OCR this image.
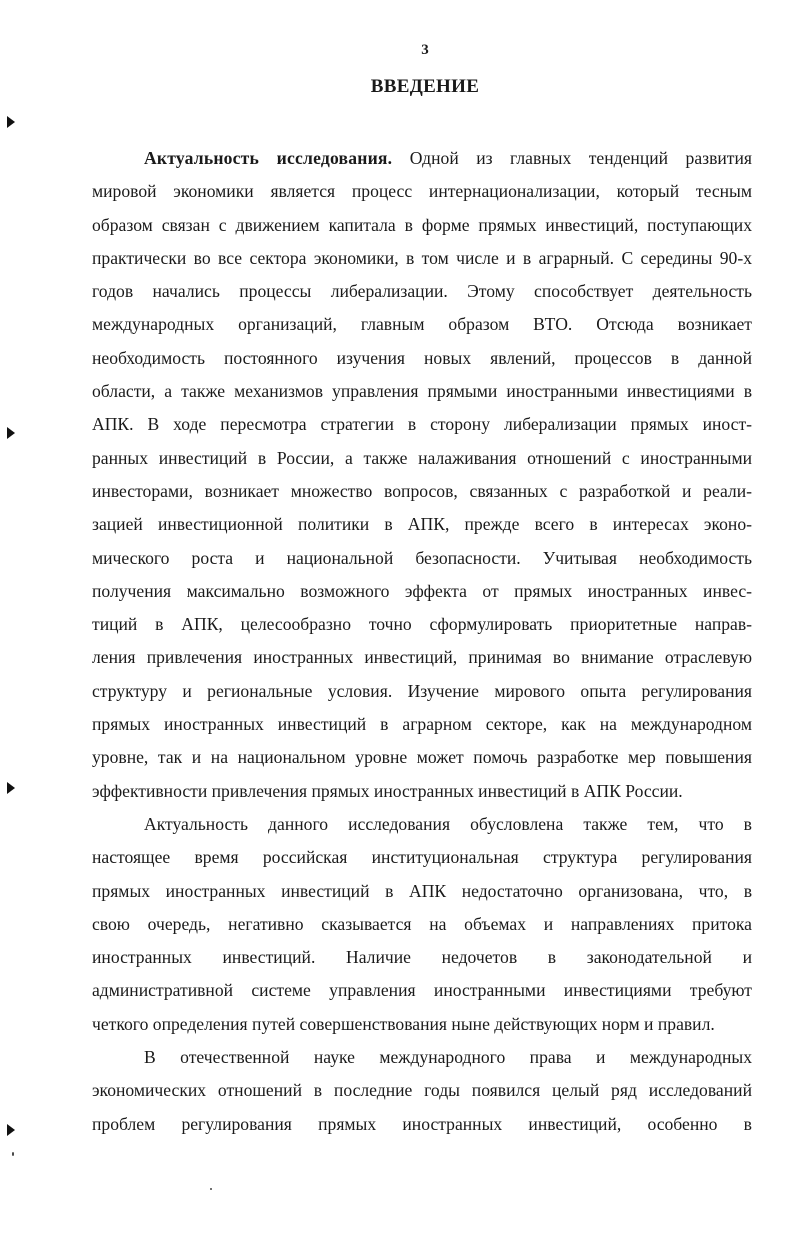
3
ВВЕДЕНИЕ
Актуальность исследования. Одной из главных тенденций развития
мировой экономики является процесс интернационализации, который тесным
образом связан с движением капитала в форме прямых инвестиций, поступающих
практически во все сектора экономики, в том числе и в аграрный. С середины 90-х
годов начались процессы либерализации. Этому способствует деятельность
международных организаций, главным образом ВТО. Отсюда возникает
необходимость постоянного изучения новых явлений, процессов в данной
области, а также механизмов управления прямыми иностранными инвестициями в
АПК. В ходе пересмотра стратегии в сторону либерализации прямых иност-
ранных инвестиций в России, а также налаживания отношений с иностранными
инвесторами, возникает множество вопросов, связанных с разработкой и реали-
зацией инвестиционной политики в АПК, прежде всего в интересах эконо-
мического роста и национальной безопасности. Учитывая необходимость
получения максимально возможного эффекта от прямых иностранных инвес-
тиций в АПК, целесообразно точно сформулировать приоритетные направ-
ления привлечения иностранных инвестиций, принимая во внимание отраслевую
структуру и региональные условия. Изучение мирового опыта регулирования
прямых иностранных инвестиций в аграрном секторе, как на международном
уровне, так и на национальном уровне может помочь разработке мер повышения
эффективности привлечения прямых иностранных инвестиций в АПК России.
Актуальность данного исследования обусловлена также тем, что в
настоящее время российская институциональная структура регулирования
прямых иностранных инвестиций в АПК недостаточно организована, что, в
свою очередь, негативно сказывается на объемах и направлениях притока
иностранных инвестиций. Наличие недочетов в законодательной и
административной системе управления иностранными инвестициями требуют
четкого определения путей совершенствования ныне действующих норм и правил.
В отечественной науке международного права и международных
экономических отношений в последние годы появился целый ряд исследований
проблем регулирования прямых иностранных инвестиций, особенно в
